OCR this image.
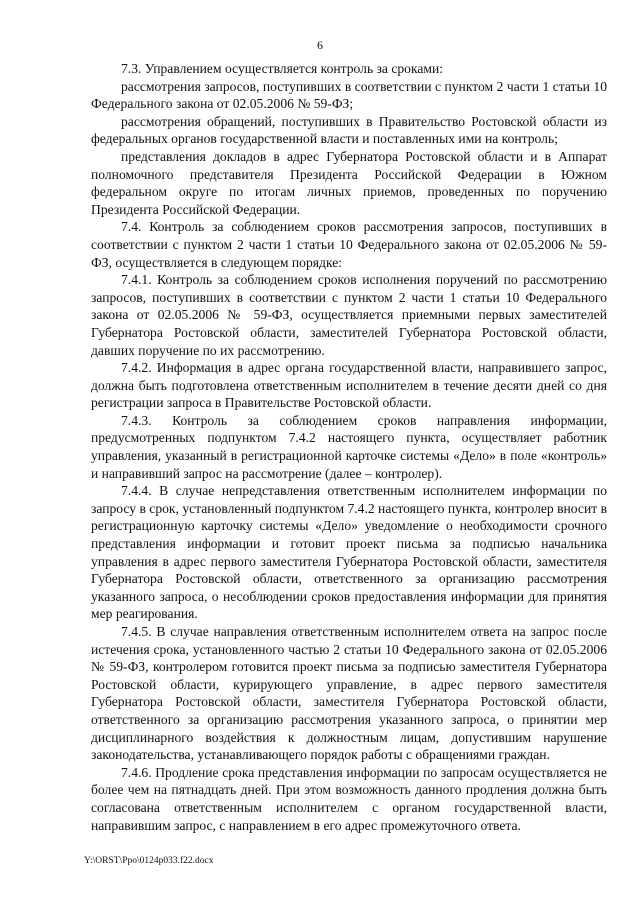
6

7.3. Управлением осуществляется контроль за сроками:

рассмотрения запросов, поступивших в соответствии с пунктом 2 части 1 статьи 10 Федерального закона от 02.05.2006 № 59-ФЗ;

рассмотрения обращений, поступивших в Правительство Ростовской области из федеральных органов государственной власти и поставленных ими на контроль;

представления докладов в адрес Губернатора Ростовской области и в Аппарат полномочного представителя Президента Российской Федерации в Южном федеральном округе по итогам личных приемов, проведенных по поручению Президента Российской Федерации.

7.4. Контроль за соблюдением сроков рассмотрения запросов, поступивших в соответствии с пунктом 2 части 1 статьи 10 Федерального закона от 02.05.2006 № 59-ФЗ, осуществляется в следующем порядке:

7.4.1. Контроль за соблюдением сроков исполнения поручений по рассмотрению запросов, поступивших в соответствии с пунктом 2 части 1 статьи 10 Федерального закона от 02.05.2006 № 59-ФЗ, осуществляется приемными первых заместителей Губернатора Ростовской области, заместителей Губернатора Ростовской области, давших поручение по их рассмотрению.

7.4.2. Информация в адрес органа государственной власти, направившего запрос, должна быть подготовлена ответственным исполнителем в течение десяти дней со дня регистрации запроса в Правительстве Ростовской области.

7.4.3. Контроль за соблюдением сроков направления информации, предусмотренных подпунктом 7.4.2 настоящего пункта, осуществляет работник управления, указанный в регистрационной карточке системы «Дело» в поле «контроль» и направивший запрос на рассмотрение (далее – контролер).

7.4.4. В случае непредставления ответственным исполнителем информации по запросу в срок, установленный подпунктом 7.4.2 настоящего пункта, контролер вносит в регистрационную карточку системы «Дело» уведомление о необходимости срочного представления информации и готовит проект письма за подписью начальника управления в адрес первого заместителя Губернатора Ростовской области, заместителя Губернатора Ростовской области, ответственного за организацию рассмотрения указанного запроса, о несоблюдении сроков предоставления информации для принятия мер реагирования.

7.4.5. В случае направления ответственным исполнителем ответа на запрос после истечения срока, установленного частью 2 статьи 10 Федерального закона от 02.05.2006 № 59-ФЗ, контролером готовится проект письма за подписью заместителя Губернатора Ростовской области, курирующего управление, в адрес первого заместителя Губернатора Ростовской области, заместителя Губернатора Ростовской области, ответственного за организацию рассмотрения указанного запроса, о принятии мер дисциплинарного воздействия к должностным лицам, допустившим нарушение законодательства, устанавливающего порядок работы с обращениями граждан.

7.4.6. Продление срока представления информации по запросам осуществляется не более чем на пятнадцать дней. При этом возможность данного продления должна быть согласована ответственным исполнителем с органом государственной власти, направившим запрос, с направлением в его адрес промежуточного ответа.

Y:\ORST\Ppo\0124p033.f22.docx
